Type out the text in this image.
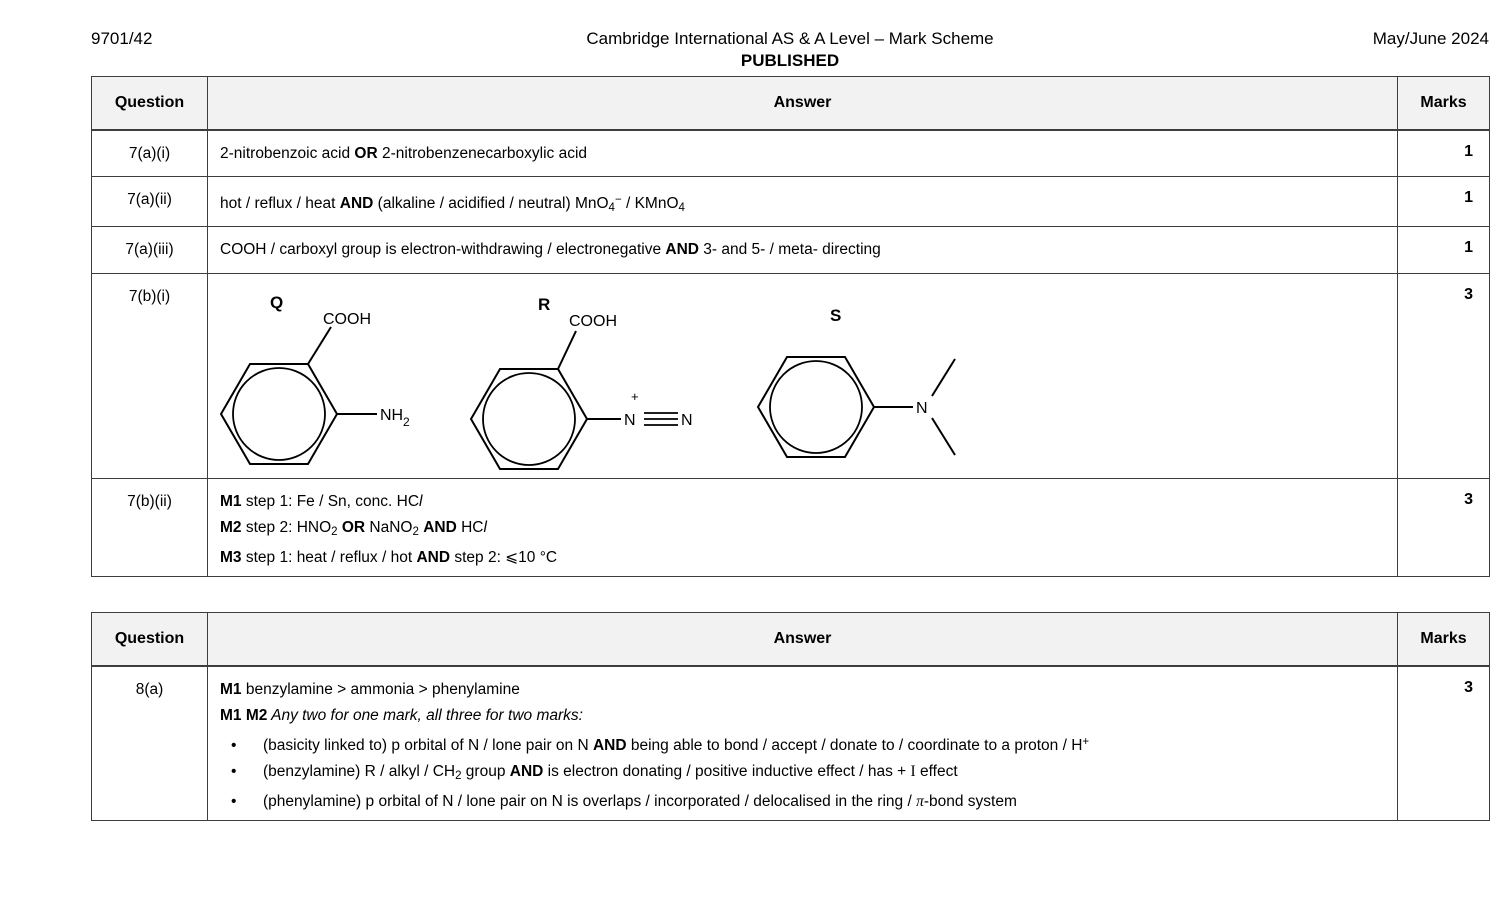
9701/42	Cambridge International AS & A Level – Mark Scheme	May/June 2024
PUBLISHED
Question	Answer	Marks
7(a)(i)	2-nitrobenzoic acid OR 2-nitrobenzenecarboxylic acid	1
7(a)(ii)	hot / reflux / heat AND (alkaline / acidified / neutral) MnO4− / KMnO4	1
7(a)(iii)	COOH / carboxyl group is electron-withdrawing / electronegative AND 3- and 5- / meta- directing	1
7(b)(i)	Q
COOH
NH 2
R
COOH
N
+
N
S
N
	3
7(b)(ii)	M1 step 1: Fe / Sn, conc. HCl
M2 step 2: HNO2 OR NaNO2 AND HCl
M3 step 1: heat / reflux / hot AND step 2: ⩽10 °C	3
Question	Answer	Marks
8(a)	M1 benzylamine > ammonia > phenylamine
M1 M2 Any two for one mark, all three for two marks:
• (basicity linked to) p orbital of N / lone pair on N AND being able to bond / accept / donate to / coordinate to a proton / H+
• (benzylamine) R / alkyl / CH2 group AND is electron donating / positive inductive effect / has + I effect
• (phenylamine) p orbital of N / lone pair on N is overlaps / incorporated / delocalised in the ring / π-bond system	3
